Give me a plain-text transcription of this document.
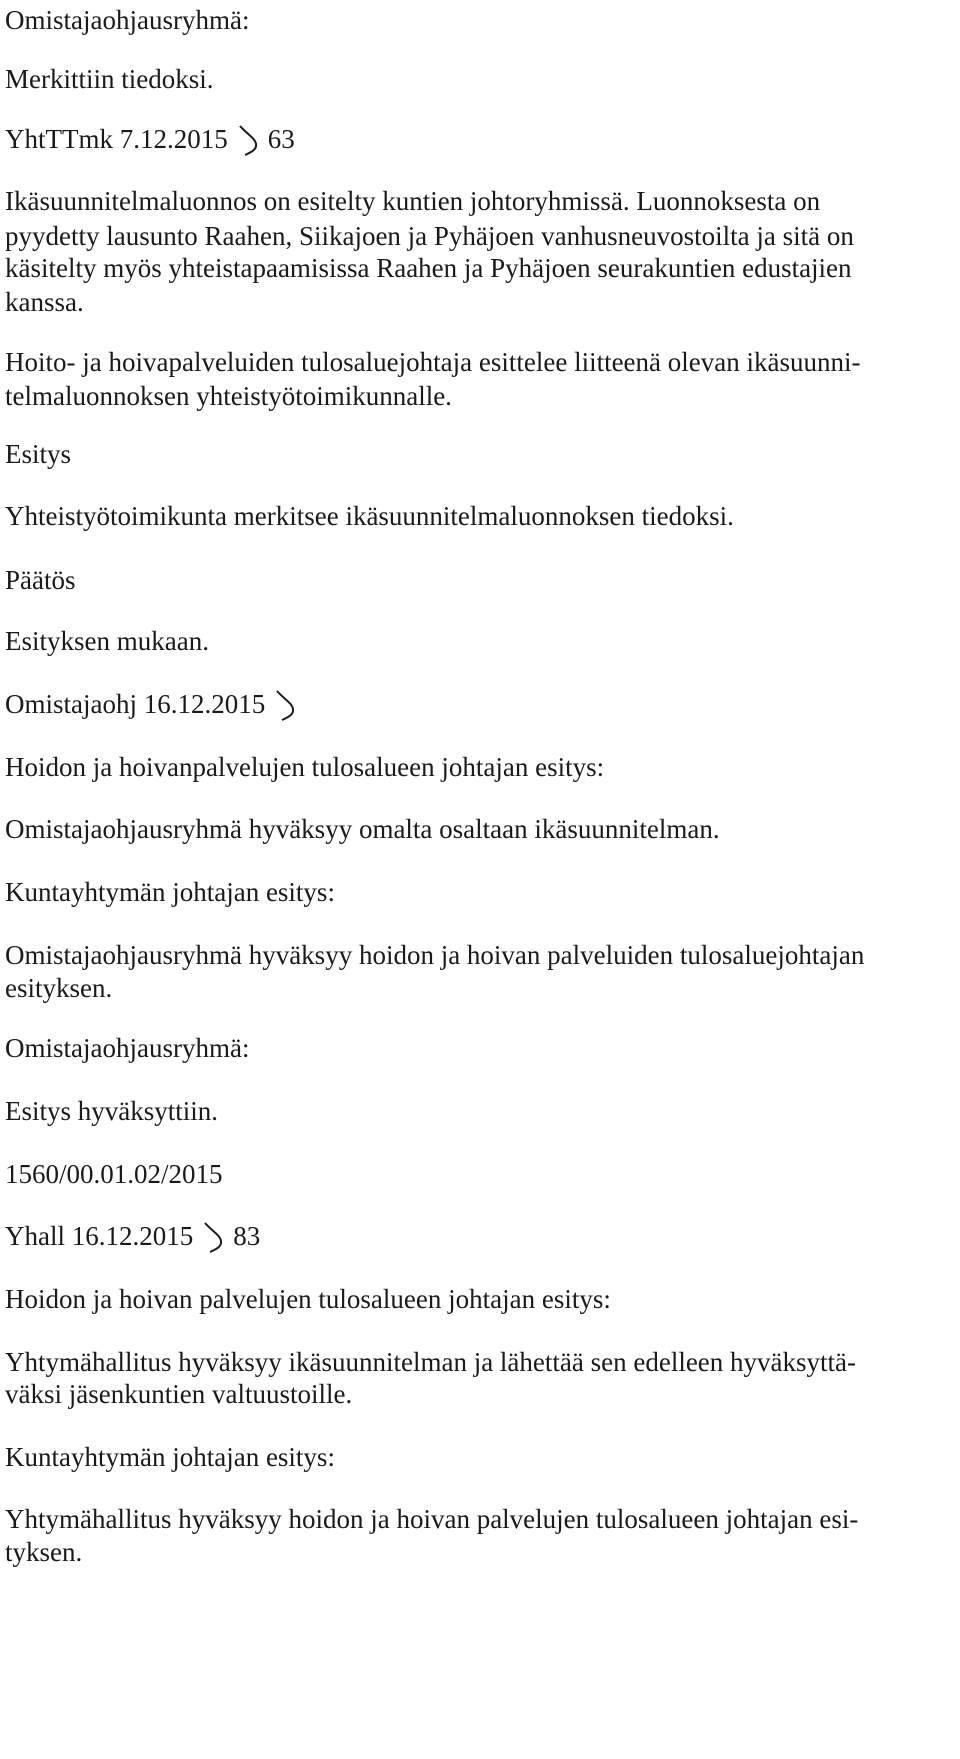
Omistajaohjausryhmä:

Merkittiin tiedoksi.

YhtTTmk 7.12.2015 63

Ikäsuunnitelmaluonnos on esitelty kuntien johtoryhmissä. Luonnoksesta on

pyydetty lausunto Raahen, Siikajoen ja Pyhäjoen vanhusneuvostoilta ja sitä on

käsitelty myös yhteistapaamisissa Raahen ja Pyhäjoen seurakuntien edustajien

kanssa.

Hoito- ja hoivapalveluiden tulosaluejohtaja esittelee liitteenä olevan ikäsuunni-

telmaluonnoksen yhteistyötoimikunnalle.

Esitys

Yhteistyötoimikunta merkitsee ikäsuunnitelmaluonnoksen tiedoksi.

Päätös

Esityksen mukaan.

Omistajaohj 16.12.2015

Hoidon ja hoivanpalvelujen tulosalueen johtajan esitys:

Omistajaohjausryhmä hyväksyy omalta osaltaan ikäsuunnitelman.

Kuntayhtymän johtajan esitys:

Omistajaohjausryhmä hyväksyy hoidon ja hoivan palveluiden tulosaluejohtajan

esityksen.

Omistajaohjausryhmä:

Esitys hyväksyttiin.

1560/00.01.02/2015

Yhall 16.12.2015 83

Hoidon ja hoivan palvelujen tulosalueen johtajan esitys:

Yhtymähallitus hyväksyy ikäsuunnitelman ja lähettää sen edelleen hyväksyttä-

väksi jäsenkuntien valtuustoille.

Kuntayhtymän johtajan esitys:

Yhtymähallitus hyväksyy hoidon ja hoivan palvelujen tulosalueen johtajan esi-

tyksen.
